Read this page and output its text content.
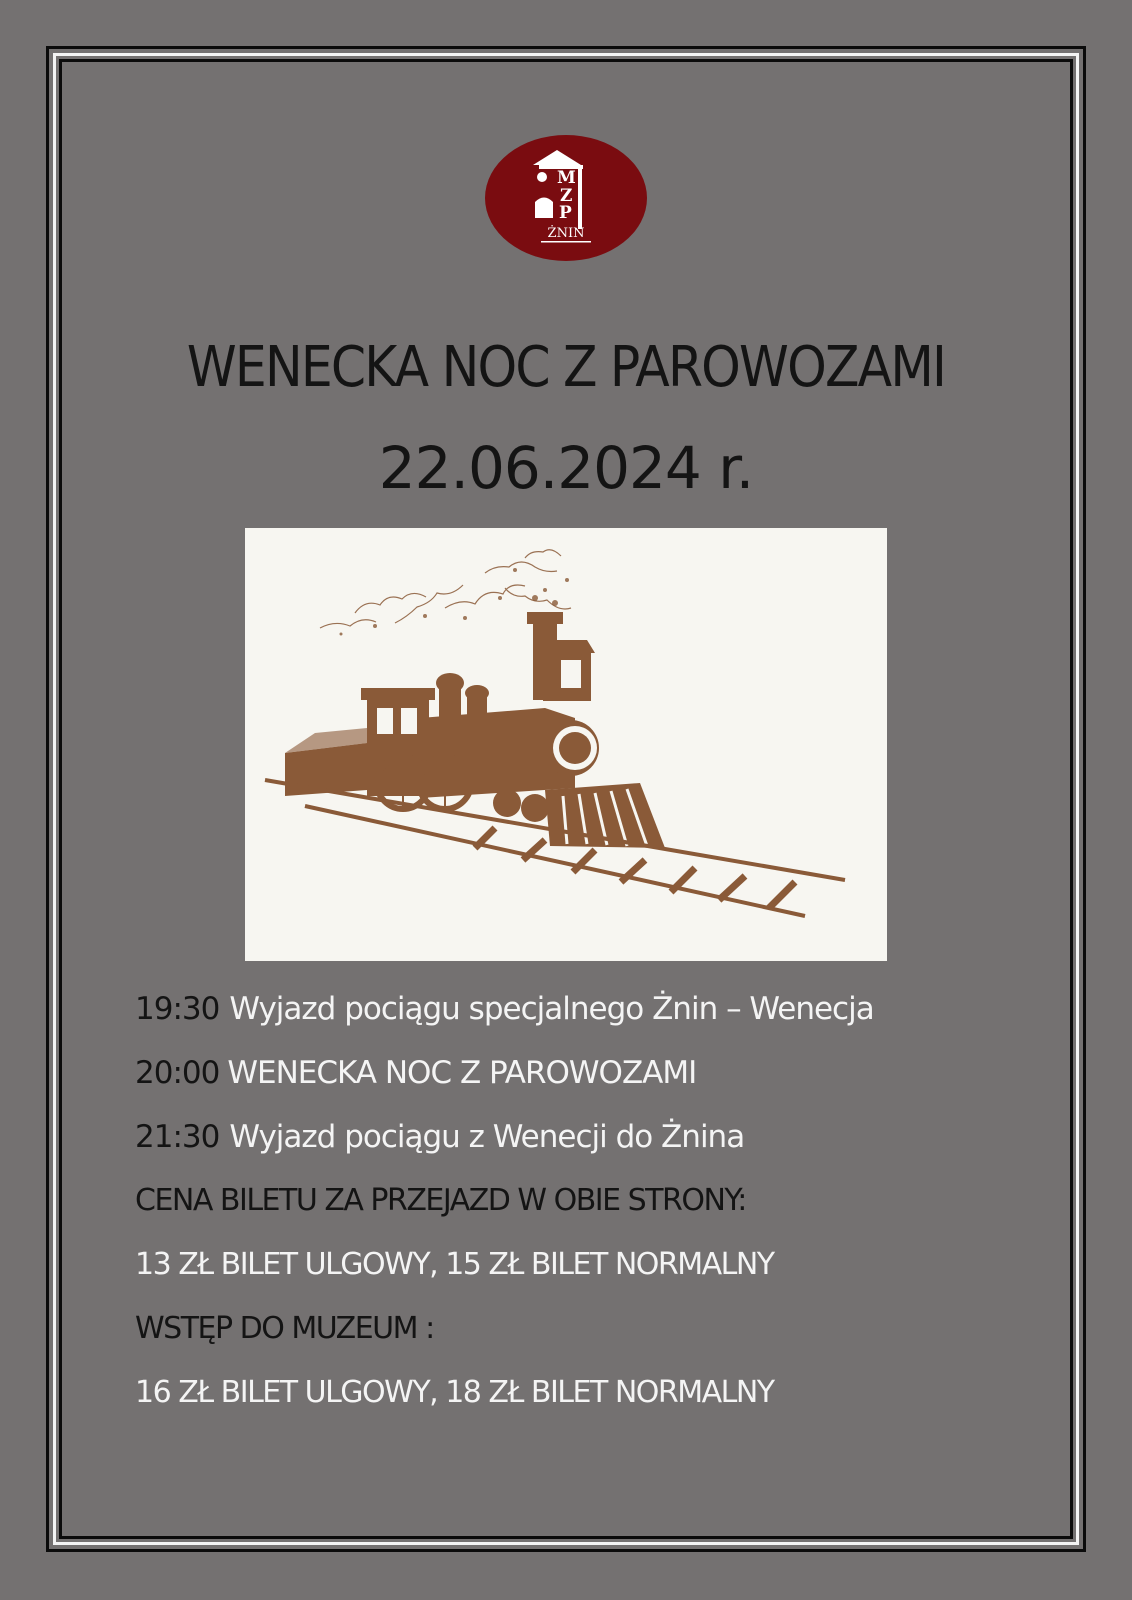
M
Z
P
ŻNIN
WENECKA NOC Z PAROWOZAMI
22.06.2024 r.
19:30 Wyjazd pociągu specjalnego Żnin – Wenecja
20:00 WENECKA NOC Z PAROWOZAMI
21:30 Wyjazd pociągu z Wenecji do Żnina
CENA BILETU ZA PRZEJAZD W OBIE STRONY:
13 ZŁ BILET ULGOWY, 15 ZŁ BILET NORMALNY
WSTĘP DO MUZEUM :
16 ZŁ BILET ULGOWY, 18 ZŁ BILET NORMALNY
